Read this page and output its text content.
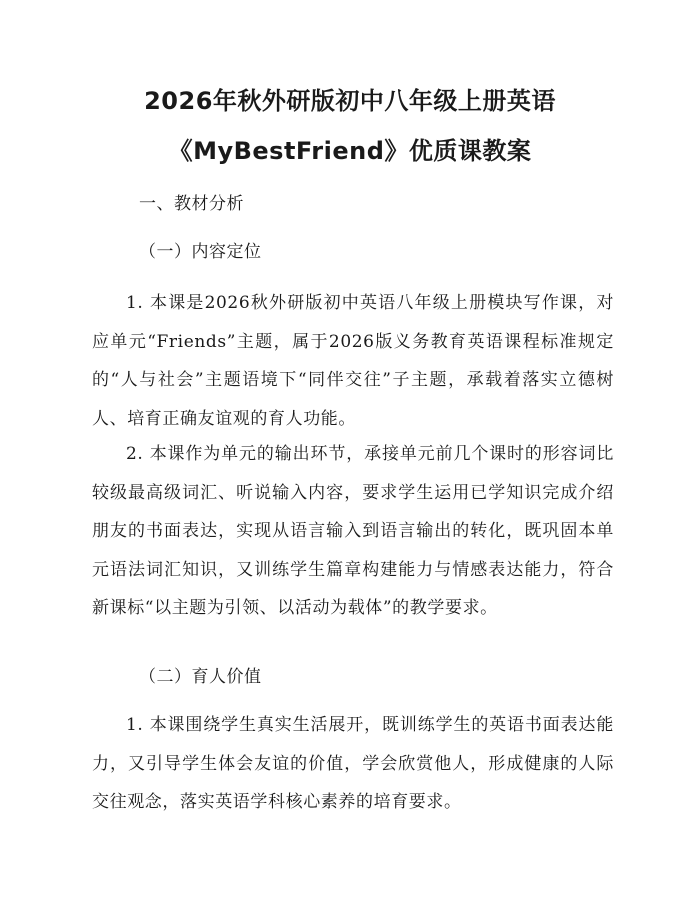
2026年秋外研版初中八年级上册英语
《MyBestFriend》优质课教案
一、教材分析
（一）内容定位
1. 本课是2026秋外研版初中英语八年级上册模块写作课，对应单元“Friends”主题，属于2026版义务教育英语课程标准规定的“人与社会”主题语境下“同伴交往”子主题，承载着落实立德树人、培育正确友谊观的育人功能。
2. 本课作为单元的输出环节，承接单元前几个课时的形容词比较级最高级词汇、听说输入内容，要求学生运用已学知识完成介绍朋友的书面表达，实现从语言输入到语言输出的转化，既巩固本单元语法词汇知识，又训练学生篇章构建能力与情感表达能力，符合新课标“以主题为引领、以活动为载体”的教学要求。
（二）育人价值
1. 本课围绕学生真实生活展开，既训练学生的英语书面表达能力，又引导学生体会友谊的价值，学会欣赏他人，形成健康的人际交往观念，落实英语学科核心素养的培育要求。
